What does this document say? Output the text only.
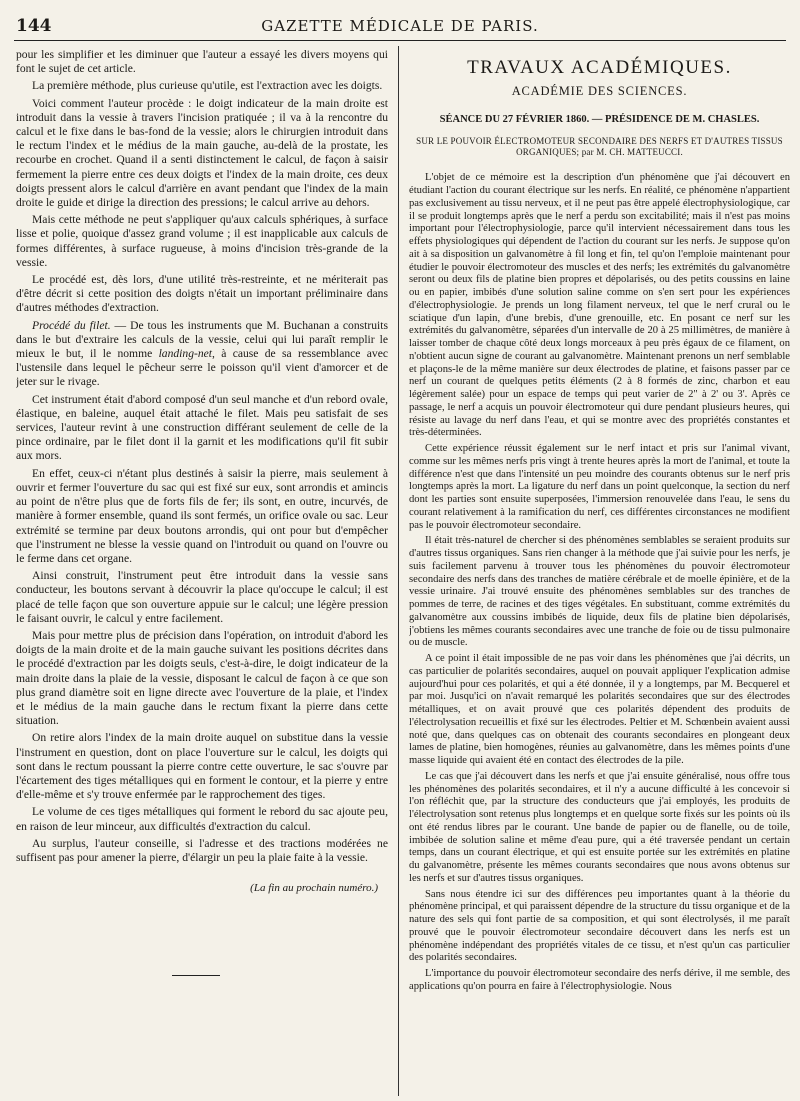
144	GAZETTE MÉDICALE DE PARIS.

pour les simplifier et les diminuer que l'auteur a essayé les divers moyens qui font le sujet de cet article.

La première méthode, plus curieuse qu'utile, est l'extraction avec les doigts.

Voici comment l'auteur procède : le doigt indicateur de la main droite est introduit dans la vessie à travers l'incision pratiquée ; il va à la rencontre du calcul et le fixe dans le bas-fond de la vessie; alors le chirurgien introduit dans le rectum l'index et le médius de la main gauche, au-delà de la prostate, les recourbe en crochet. Quand il a senti distinctement le calcul, de façon à saisir fermement la pierre entre ces deux doigts et l'index de la main droite, ces deux doigts pressent alors le calcul d'arrière en avant pendant que l'index de la main droite le guide et dirige la direction des pressions; le calcul arrive au dehors.

Mais cette méthode ne peut s'appliquer qu'aux calculs sphériques, à surface lisse et polie, quoique d'assez grand volume ; il est inapplicable aux calculs de formes différentes, à surface rugueuse, à moins d'incision très-grande de la vessie.

Le procédé est, dès lors, d'une utilité très-restreinte, et ne mériterait pas d'être décrit si cette position des doigts n'était un important préliminaire dans d'autres méthodes d'extraction.

Procédé du filet. — De tous les instruments que M. Buchanan a construits dans le but d'extraire les calculs de la vessie, celui qui lui paraît remplir le mieux le but, il le nomme landing-net, à cause de sa ressemblance avec l'ustensile dans lequel le pêcheur serre le poisson qu'il vient d'amorcer et de jeter sur le rivage.

Cet instrument était d'abord composé d'un seul manche et d'un rebord ovale, élastique, en baleine, auquel était attaché le filet. Mais peu satisfait de ses services, l'auteur revint à une construction différant seulement de celle de la pince ordinaire, par le filet dont il la garnit et les modifications qu'il fit subir aux mors.

En effet, ceux-ci n'étant plus destinés à saisir la pierre, mais seulement à ouvrir et fermer l'ouverture du sac qui est fixé sur eux, sont arrondis et amincis au point de n'être plus que de forts fils de fer; ils sont, en outre, incurvés, de manière à former ensemble, quand ils sont fermés, un orifice ovale ou sac. Leur extrémité se termine par deux boutons arrondis, qui ont pour but d'empêcher que l'instrument ne blesse la vessie quand on l'introduit ou quand on l'ouvre ou le ferme dans cet organe.

Ainsi construit, l'instrument peut être introduit dans la vessie sans conducteur, les boutons servant à découvrir la place qu'occupe le calcul; il est placé de telle façon que son ouverture appuie sur le calcul; une légère pression le faisant ouvrir, le calcul y entre facilement.

Mais pour mettre plus de précision dans l'opération, on introduit d'abord les doigts de la main droite et de la main gauche suivant les positions décrites dans le procédé d'extraction par les doigts seuls, c'est-à-dire, le doigt indicateur de la main droite dans la plaie de la vessie, disposant le calcul de façon à ce que son plus grand diamètre soit en ligne directe avec l'ouverture de la plaie, et l'index et le médius de la main gauche dans le rectum fixant la pierre dans cette situation.

On retire alors l'index de la main droite auquel on substitue dans la vessie l'instrument en question, dont on place l'ouverture sur le calcul, les doigts qui sont dans le rectum poussant la pierre contre cette ouverture, le sac s'ouvre par l'écartement des tiges métalliques qui en forment le contour, et la pierre y entre d'elle-même et s'y trouve enfermée par le rapprochement des tiges.

Le volume de ces tiges métalliques qui forment le rebord du sac ajoute peu, en raison de leur minceur, aux difficultés d'extraction du calcul.

Au surplus, l'auteur conseille, si l'adresse et des tractions modérées ne suffisent pas pour amener la pierre, d'élargir un peu la plaie faite à la vessie.

(La fin au prochain numéro.)
TRAVAUX ACADÉMIQUES.
ACADÉMIE DES SCIENCES.
SÉANCE DU 27 FÉVRIER 1860. — PRÉSIDENCE DE M. CHASLES.
SUR LE POUVOIR ÉLECTROMOTEUR SECONDAIRE DES NERFS ET D'AUTRES TISSUS ORGANIQUES; par M. CH. MATTEUCCI.

L'objet de ce mémoire est la description d'un phénomène que j'ai découvert en étudiant l'action du courant électrique sur les nerfs. En réalité, ce phénomène n'appartient pas exclusivement au tissu nerveux, et il ne peut pas être appelé électrophysiologique, car il se produit longtemps après que le nerf a perdu son excitabilité; mais il n'est pas moins important pour l'électrophysiologie, parce qu'il intervient nécessairement dans tous les effets physiologiques qui dépendent de l'action du courant sur les nerfs. Je suppose qu'on ait à sa disposition un galvanomètre à fil long et fin, tel qu'on l'emploie maintenant pour étudier le pouvoir électromoteur des muscles et des nerfs; les extrémités du galvanomètre seront ou deux fils de platine bien propres et dépolarisés, ou des petits coussins en laine ou en papier, imbibés d'une solution saline comme on s'en sert pour les expériences d'électrophysiologie. Je prends un long filament nerveux, tel que le nerf crural ou le sciatique d'un lapin, d'une brebis, d'une grenouille, etc. En posant ce nerf sur les extrémités du galvanomètre, séparées d'un intervalle de 20 à 25 millimètres, de manière à laisser tomber de chaque côté deux longs morceaux à peu près égaux de ce filament, on n'obtient aucun signe de courant au galvanomètre. Maintenant prenons un nerf semblable et plaçons-le de la même manière sur deux électrodes de platine, et faisons passer par ce nerf un courant de quelques petits éléments (2 à 8 formés de zinc, charbon et eau légèrement salée) pour un espace de temps qui peut varier de 2" à 2' ou 3'. Après ce passage, le nerf a acquis un pouvoir électromoteur qui dure pendant plusieurs heures, qui résiste au lavage du nerf dans l'eau, et qui se montre avec des propriétés constantes et très-déterminées.

Cette expérience réussit également sur le nerf intact et pris sur l'animal vivant, comme sur les mêmes nerfs pris vingt à trente heures après la mort de l'animal, et toute la différence n'est que dans l'intensité un peu moindre des courants obtenus sur le nerf pris longtemps après la mort. La ligature du nerf dans un point quelconque, la section du nerf dont les parties sont ensuite superposées, l'immersion renouvelée dans l'eau, le sens du courant relativement à la ramification du nerf, ces différentes circonstances ne modifient pas le pouvoir électromoteur secondaire.

Il était très-naturel de chercher si des phénomènes semblables se seraient produits sur d'autres tissus organiques. Sans rien changer à la méthode que j'ai suivie pour les nerfs, je suis facilement parvenu à trouver tous les phénomènes du pouvoir électromoteur secondaire des nerfs dans des tranches de matière cérébrale et de moelle épinière, et de la vessie urinaire. J'ai trouvé ensuite des phénomènes semblables sur des tranches de pommes de terre, de racines et des tiges végétales. En substituant, comme extrémités du galvanomètre aux coussins imbibés de liquide, deux fils de platine bien dépolarisés, j'obtiens les mêmes courants secondaires avec une tranche de foie ou de tissu pulmonaire ou de muscle.

A ce point il était impossible de ne pas voir dans les phénomènes que j'ai décrits, un cas particulier de polarités secondaires, auquel on pouvait appliquer l'explication admise aujourd'hui pour ces polarités, et qui a été donnée, il y a longtemps, par M. Becquerel et par moi. Jusqu'ici on n'avait remarqué les polarités secondaires que sur des électrodes métalliques, et on avait prouvé que ces polarités dépendent des produits de l'électrolysation recueillis et fixé sur les électrodes. Peltier et M. Schœnbein avaient aussi noté que, dans quelques cas on obtenait des courants secondaires en plongeant deux lames de platine, bien homogènes, réunies au galvanomètre, dans les mêmes points d'une masse liquide qui avaient été en contact des électrodes de la pile.

Le cas que j'ai découvert dans les nerfs et que j'ai ensuite généralisé, nous offre tous les phénomènes des polarités secondaires, et il n'y a aucune difficulté à les concevoir si l'on réfléchit que, par la structure des conducteurs que j'ai employés, les produits de l'électrolysation sont retenus plus longtemps et en quelque sorte fixés sur les points où ils ont été rendus libres par le courant. Une bande de papier ou de flanelle, ou de toile, imbibée de solution saline et même d'eau pure, qui a été traversée pendant un certain temps, dans un courant électrique, et qui est ensuite portée sur les extrémités en platine du galvanomètre, présente les mêmes courants secondaires que nous avons obtenus sur les nerfs et sur d'autres tissus organiques.

Sans nous étendre ici sur des différences peu importantes quant à la théorie du phénomène principal, et qui paraissent dépendre de la structure du tissu organique et de la nature des sels qui font partie de sa composition, et qui sont électrolysés, il me paraît prouvé que le pouvoir électromoteur secondaire découvert dans les nerfs est un phénomène indépendant des propriétés vitales de ce tissu, et n'est qu'un cas particulier des polarités secondaires.

L'importance du pouvoir électromoteur secondaire des nerfs dérive, il me semble, des applications qu'on pourra en faire à l'électrophysiologie. Nous
